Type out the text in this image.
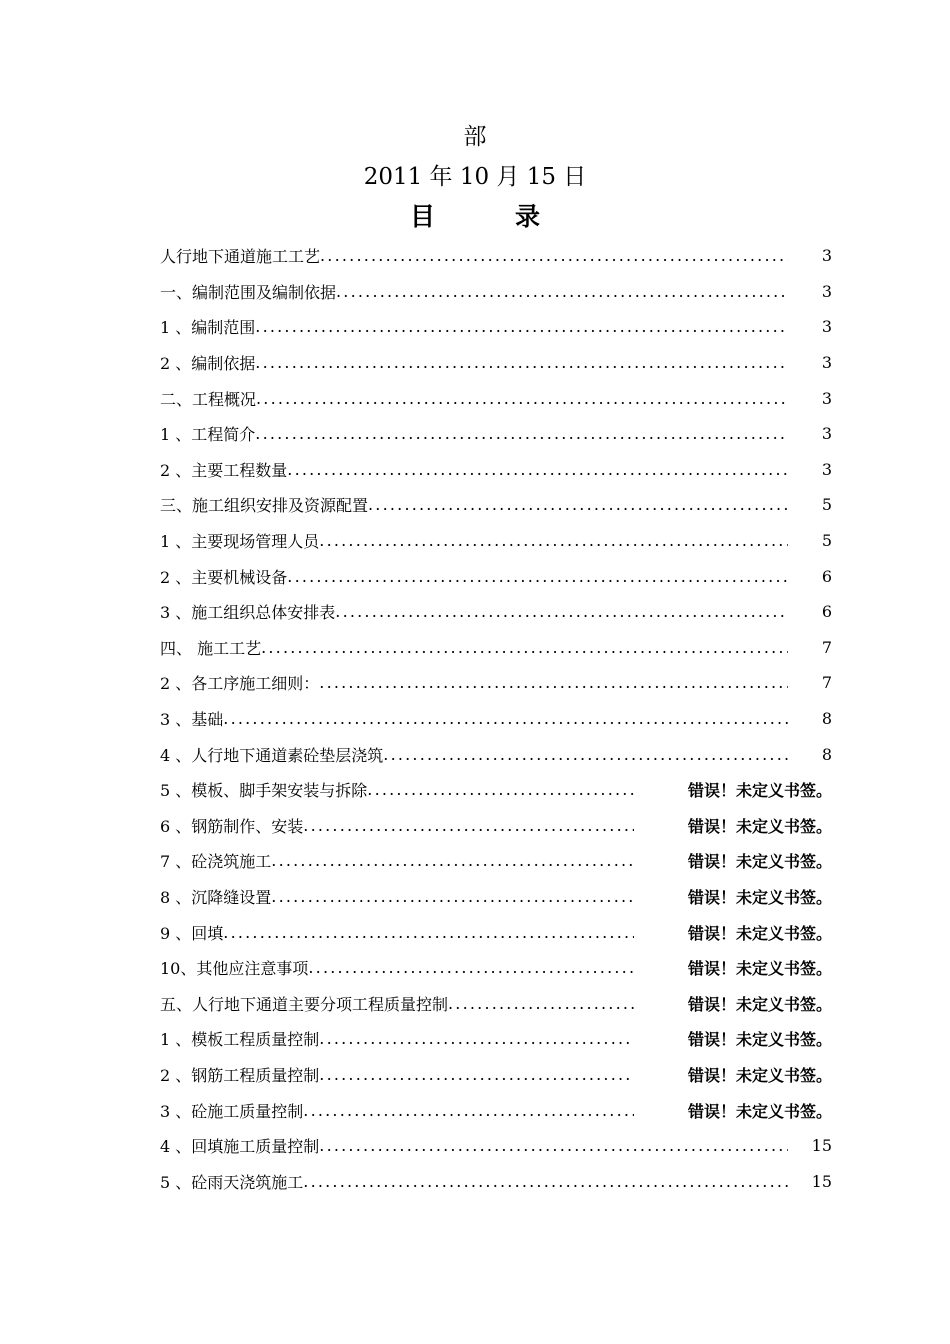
部
2011 年 10 月 15 日
目	录
人行地下通道施工工艺 .....	3
一、编制范围及编制依据 .....	3
1 、编制范围 .....	3
2 、编制依据 .....	3
二、工程概况 .....	3
1 、工程简介 .....	3
2 、主要工程数量 .....	3
三、施工组织安排及资源配置 .....	5
1 、主要现场管理人员 .....	5
2 、主要机械设备 .....	6
3 、施工组织总体安排表 .....	6
四、 施工工艺 .....	7
2 、各工序施工细则： .....	7
3 、基础 .....	8
4 、人行地下通道素砼垫层浇筑 .....	8
5 、模板、脚手架安装与拆除 .....	错误！未定义书签。
6 、钢筋制作、安装 .....	错误！未定义书签。
7 、砼浇筑施工 .....	错误！未定义书签。
8 、沉降缝设置 .....	错误！未定义书签。
9 、回填 .....	错误！未定义书签。
10、其他应注意事项 .....	错误！未定义书签。
五、人行地下通道主要分项工程质量控制 .....	错误！未定义书签。
1 、模板工程质量控制 .....	错误！未定义书签。
2 、钢筋工程质量控制 .....	错误！未定义书签。
3 、砼施工质量控制 .....	错误！未定义书签。
4 、回填施工质量控制 .....	15
5 、砼雨天浇筑施工 .....	15
